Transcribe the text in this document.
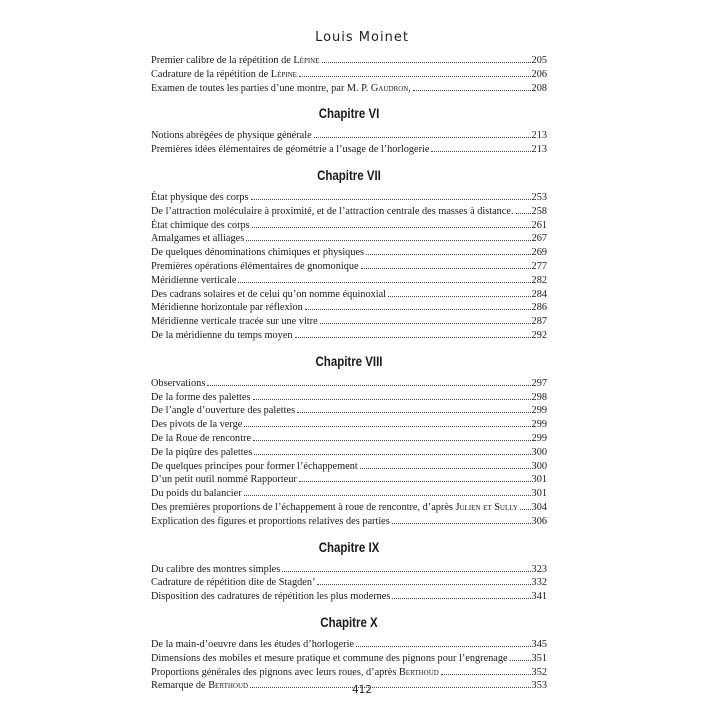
Louis Moinet
Premier calibre de la répétition de Lépine	205
Cadrature de la répétition de Lépine	206
Examen de toutes les parties d’une montre, par M. P. Gaudron,	208
Chapitre VI
Notions abrégées de physique générale	213
Premières idées élémentaires de géométrie a l’usage de l’horlogerie	213
Chapitre VII
État physique des corps	253
De l’attraction moléculaire à proximité, et de l’attraction centrale des masses à distance. 258
État chimique des corps	261
Amalgames et alliages	267
De quelques dénominations chimiques et physiques	269
Premières opérations élémentaires de gnomonique	277
Méridienne verticale	282
Des cadrans solaires et de celui qu’on nomme équinoxial	284
Méridienne horizontale par réflexion	286
Méridienne verticale tracée sur une vitre	287
De la méridienne du temps moyen	292
Chapitre VIII
Observations	297
De la forme des palettes	298
De l’angle d’ouverture des palettes	299
Des pivots de la verge	299
De la Roue de rencontre	299
De la piqûre des palettes	300
De quelques principes pour former l’échappement	300
D’un petit outil nommé Rapporteur	301
Du poids du balancier	301
Des premières proportions de l’échappement à roue de rencontre, d’après Julien et Sully 304
Explication des figures et proportions relatives des parties	306
Chapitre IX
Du calibre des montres simples	323
Cadrature de répétition dite de Stagden’	332
Disposition des cadratures de répétition les plus modernes	341
Chapitre X
De la main-d’oeuvre dans les études d’horlogerie	345
Dimensions des mobiles et mesure pratique et commune des pignons pour l’engrenage 351
Proportions générales des pignons avec leurs roues, d’après Berthoud	352
Remarque de Berthoud	353
412
